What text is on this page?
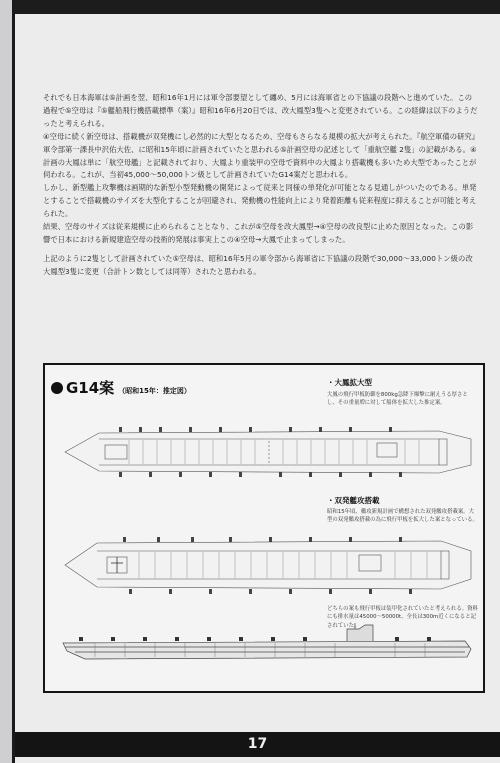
それでも日本海軍は⑤計画を翌、昭和16年1月には軍令部要望として纏め、5月には海軍省との下協議の段階へと進めていた。この過程で⑤空母は『⑤艦船飛行機搭載標準（案）』昭和16年6月20日では、改大鳳型3隻へと変更されている。この経緯は以下のようだったと考えられる。

④空母に続く新空母は、搭載機が双発機にし必然的に大型となるため、空母もさらなる規模の拡大が考えられた。『航空軍備の研究』軍令部第一課長中沢佑大佐、に昭和15年頃に計画されていたと思われる⑤計画空母の記述として「重航空艦 2隻」の記載がある。④計画の大鳳は単に「航空母艦」と記載されており、大鳳より重装甲の空母で資料中の大鳳より搭載機も多いため大型であったことが伺われる。これが、当初45,000～50,000トン級として計画されていたG14案だと思われる。

しかし、新型艦上攻撃機は画期的な新型小型発動機の開発によって従来と同様の単発化が可能となる見通しがついたのである。単発とすることで搭載機のサイズを大型化することが回避され、発動機の性能向上により発着距離も従来程度に抑えることが可能と考えられた。

結果、空母のサイズは従来規模に止められることとなり、これが⑤空母を改大鳳型→④空母の改良型に止めた原因となった。この影響で日本における新規建造空母の技術的発展は事実上この④空母→大鳳で止まってしまった。

上記のように2隻として計画されていた⑤空母は、昭和16年5月の軍令部から海軍省に下協議の段階で30,000～33,000トン級の改大鳳型3隻に変更（合計トン数としては同等）されたと思われる。

G14案 （昭和15年：推定図）
・大鳳拡大型
大鳳の飛行甲板防御を800kg急降下爆撃に耐えうる厚さとし、その重量増に対して船体を拡大した推定案。
・双発艦攻搭載
昭和15年頃、艦攻新規計画で構想された双発艦攻搭載案。大型の双発艦攻搭載の為に飛行甲板を拡大した案となっている。
どちらの案も飛行甲板は装甲化されていたと考えられる。資料にも排水量は45000～50000t、全長は300m近くになると記されていた。
17
